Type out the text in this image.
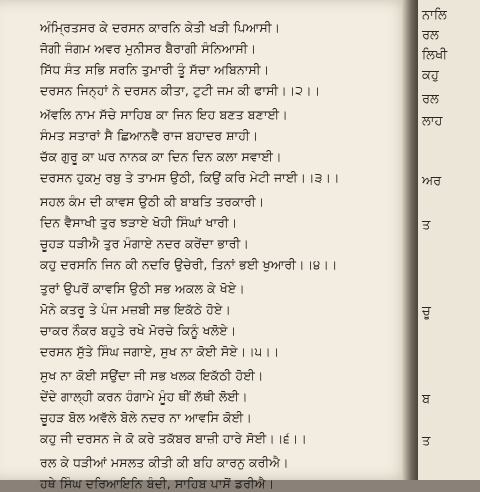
ਅੰਮ੍ਰਿਤਸਰ ਕੇ ਦਰਸਨ ਕਾਰਨਿ ਕੇਤੀ ਖੜੀ ਪਿਆਸੀ।
ਜੋਗੀ ਜੰਗਮ ਅਵਰ ਮੁਨੀਸਰ ਬੈਰਾਗੀ ਸੰਨਿਆਸੀ।
ਸਿੱਧ ਸੰਤ ਸਭਿ ਸਰਨਿ ਤੁਮਾਰੀ ਤੂੰ ਸੱਚਾ ਅਬਿਨਾਸੀ।
ਦਰਸਨ ਜਿਨ੍ਹਾਂ ਨੇ ਦਰਸਨ ਕੀਤਾ, ਟੁਟੀ ਜਮ ਕੀ ਫਾਸੀ।।੨।।
ਅੱਵਲਿ ਨਾਮ ਸੱਚੇ ਸਾਹਿਬ ਕਾ ਜਿਨ ਇਹ ਬਣਤ ਬਣਾਈ।
ਸੰਮਤ ਸਤਾਰਾਂ ਸੈ ਛਿਆਨਵੈ ਰਾਜ ਬਹਾਦਰ ਸ਼ਾਹੀ।
ਚੱਕ ਗੁਰੂ ਕਾ ਘਰ ਨਾਨਕ ਕਾ ਦਿਨ ਦਿਨ ਕਲਾ ਸਵਾਈ।
ਦਰਸਨ ਹੁਕਮੁ ਰਬੁ ਤੇ ਤਾਮਸ ਉਠੀ, ਕਿਉਂ ਕਰਿ ਮੇਟੀ ਜਾਈ।।੩।।
ਸਹਲ ਕੰਮ ਦੀ ਕਾਵਸ ਉਠੀ ਕੀ ਬਾਬਤਿ ਤਰਕਾਰੀ।
ਦਿਨ ਵੈਸਾਖੀ ਤੁਰ ਝੜਾਏ ਖੋਹੀ ਸਿੰਘਾਂ ਖਾਰੀ।
ਚੂਹੜ ਧੜੀਐ ਤੁਰ ਮੰਗਾਏ ਨਦਰ ਕਰੇਂਦਾ ਭਾਰੀ।
ਕਹੁ ਦਰਸਨਿ ਜਿਨ ਕੀ ਨਦਰਿ ਉਚੇਰੀ, ਤਿਨਾਂ ਭਈ ਖੁਆਰੀ।।੪।।
ਤੁਰਾਂ ਉਪਰੋਂ ਕਾਵਸਿ ਉਠੀ ਸਭ ਅਕਲ ਕੇ ਖੋਏ।
ਮੋਨੇ ਕਤਰੂ ਤੇ ਪੰਜ ਮਜ਼ਬੀ ਸਭ ਇਕੱਠੇ ਹੋਏ।
ਚਾਕਰ ਨੌਕਰ ਬਹੁਤੇ ਰਖੇ ਮੋਰਚੇ ਕਿਨੂੰ ਖਲੋਏ।
ਦਰਸਨ ਸੁੱਤੇ ਸਿੰਘ ਜਗਾਏ, ਸੁਖ ਨਾ ਕੋਈ ਸੋਏ।।੫।।
ਸੁਖ ਨਾ ਕੋਈ ਸਉਂਦਾ ਜੀ ਸਭ ਖਲਕ ਇਕੱਠੀ ਹੋਈ।
ਦੇਂਦੇ ਗਾਲ੍ਹੀ ਕਰਨ ਹੰਗਾਮੇ ਮੂੰਹ ਥੀਂ ਲੱਥੀ ਲੋਈ।
ਚੂਹੜ ਬੋਲ ਅਵੱਲੇ ਬੋਲੇ ਨਦਰ ਨਾ ਆਵਸਿ ਕੋਈ।
ਕਹੁ ਜੀ ਦਰਸਨ ਜੇ ਕੋ ਕਰੇ ਤਕੱਬਰ ਬਾਜ਼ੀ ਹਾਰੇ ਸੋਈ।।੬।।
ਰਲ ਕੇ ਧੜੀਆਂ ਮਸਲਤ ਕੀਤੀ ਕੀ ਬਹਿ ਕਾਰਨੁ ਕਰੀਐ।
ਹਥੇ ਸਿੰਘ ਦਰਿਆਇਨਿ ਬੰਦੀ, ਸਾਹਿਬ ਪਾਸੋਂ ਡਰੀਐ।
ਨਾਲਿ
ਰਲ
ਲਿਖੀ
ਕਹੁ
ਰਲ
ਲਾਹ
ਅਰ
ਤ
ਚੂ
ਬ
ਤ
